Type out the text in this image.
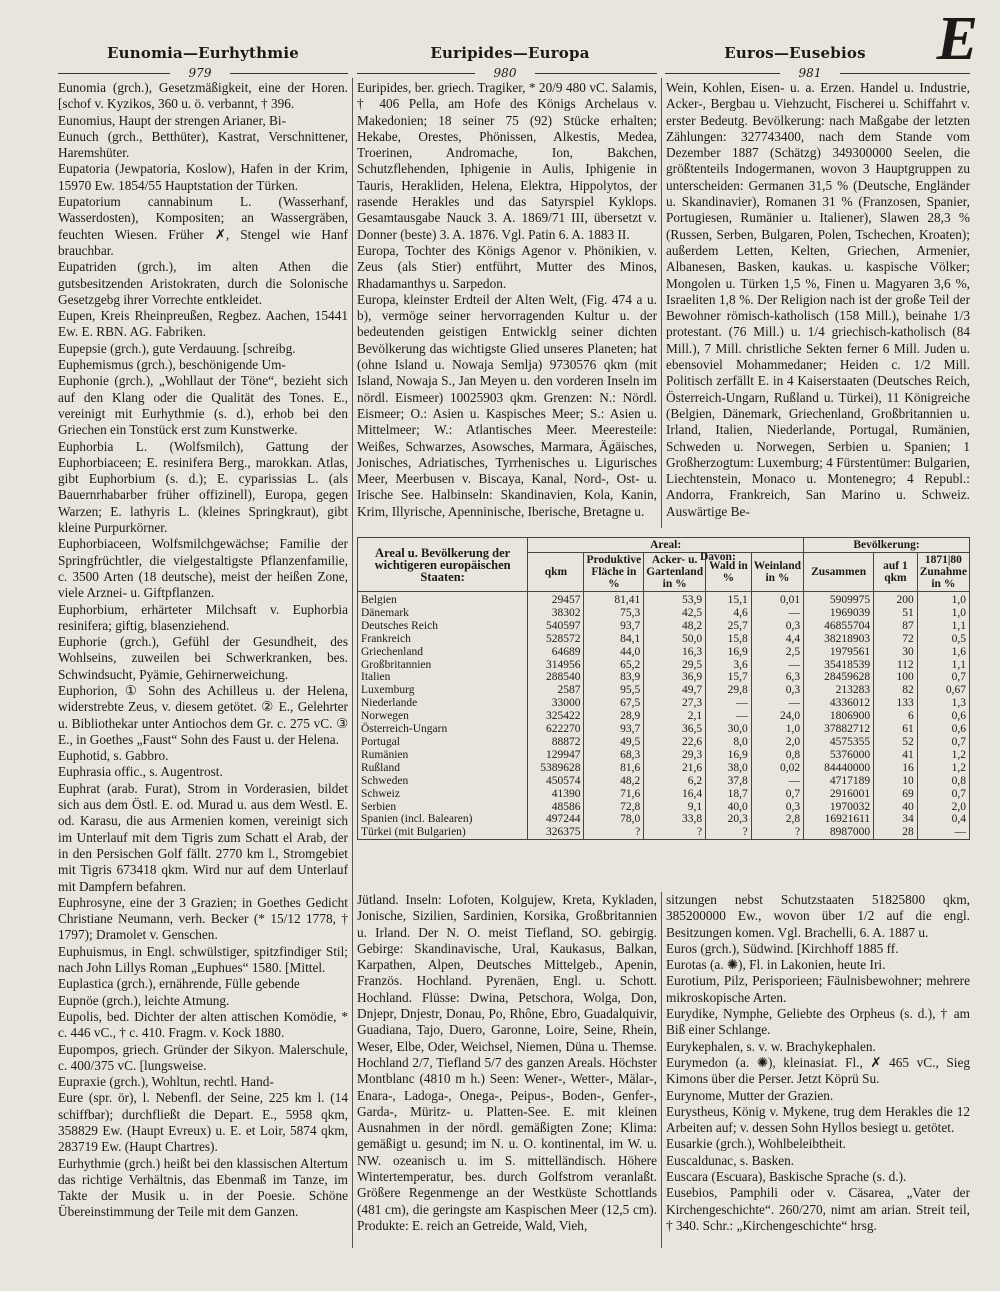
E
Eunomia—Eurhythmie	Euripides—Europa	Euros—Eusebios
979	980	981

Eunomia (grch.), Gesetzmäßigkeit, eine der Horen. [schof v. Kyzikos, 360 u. ö. verbannt, † 396.

Eunomius, Haupt der strengen Arianer, Bi-

Eunuch (grch., Betthüter), Kastrat, Verschnittener, Haremshüter.

Eupatoria (Jewpatoria, Koslow), Hafen in der Krim, 15970 Ew. 1854/55 Hauptstation der Türken.

Eupatorium cannabinum L. (Wasserhanf, Wasserdosten), Kompositen; an Wassergräben, feuchten Wiesen. Früher ✗, Stengel wie Hanf brauchbar.

Eupatriden (grch.), im alten Athen die gutsbesitzenden Aristokraten, durch die Solonische Gesetzgebg ihrer Vorrechte entkleidet.

Eupen, Kreis Rheinpreußen, Regbez. Aachen, 15441 Ew. E. RBN. AG. Fabriken.

Eupepsie (grch.), gute Verdauung. [schreibg.

Euphemismus (grch.), beschönigende Um-

Euphonie (grch.), „Wohllaut der Töne“, bezieht sich auf den Klang oder die Qualität des Tones. E., vereinigt mit Eurhythmie (s. d.), erhob bei den Griechen ein Tonstück erst zum Kunstwerke.

Euphorbia L. (Wolfsmilch), Gattung der Euphorbiaceen; E. resinifera Berg., marokkan. Atlas, gibt Euphorbium (s. d.); E. cyparissias L. (als Bauernrhabarber früher offizinell), Europa, gegen Warzen; E. lathyris L. (kleines Springkraut), gibt kleine Purpurkörner.

Euphorbiaceen, Wolfsmilchgewächse; Familie der Springfrüchtler, die vielgestaltigste Pflanzenfamilie, c. 3500 Arten (18 deutsche), meist der heißen Zone, viele Arznei- u. Giftpflanzen.

Euphorbium, erhärteter Milchsaft v. Euphorbia resinifera; giftig, blasenziehend.

Euphorie (grch.), Gefühl der Gesundheit, des Wohlseins, zuweilen bei Schwerkranken, bes. Schwindsucht, Pyämie, Gehirnerweichung.

Euphorion, ① Sohn des Achilleus u. der Helena, widerstrebte Zeus, v. diesem getötet. ② E., Gelehrter u. Bibliothekar unter Antiochos dem Gr. c. 275 vC. ③ E., in Goethes „Faust“ Sohn des Faust u. der Helena.

Euphotid, s. Gabbro.

Euphrasia offic., s. Augentrost.

Euphrat (arab. Furat), Strom in Vorderasien, bildet sich aus dem Östl. E. od. Murad u. aus dem Westl. E. od. Karasu, die aus Armenien komen, vereinigt sich im Unterlauf mit dem Tigris zum Schatt el Arab, der in den Persischen Golf fällt. 2770 km l., Stromgebiet mit Tigris 673418 qkm. Wird nur auf dem Unterlauf mit Dampfern befahren.

Euphrosyne, eine der 3 Grazien; in Goethes Gedicht Christiane Neumann, verh. Becker (* 15/12 1778, † 1797); Dramolet v. Genschen.

Euphuismus, in Engl. schwülstiger, spitzfindiger Stil; nach John Lillys Roman „Euphues“ 1580. [Mittel.

Euplastica (grch.), ernährende, Fülle gebende

Eupnöe (grch.), leichte Atmung.

Eupolis, bed. Dichter der alten attischen Komödie, * c. 446 vC., † c. 410. Fragm. v. Kock 1880.

Eupompos, griech. Gründer der Sikyon. Malerschule, c. 400/375 vC. [lungsweise.

Eupraxie (grch.), Wohltun, rechtl. Hand-

Eure (spr. ör), l. Nebenfl. der Seine, 225 km l. (14 schiffbar); durchfließt die Depart. E., 5958 qkm, 358829 Ew. (Haupt Evreux) u. E. et Loir, 5874 qkm, 283719 Ew. (Haupt Chartres).

Eurhythmie (grch.) heißt bei den klassischen Altertum das richtige Verhältnis, das Ebenmaß im Tanze, im Takte der Musik u. in der Poesie. Schöne Übereinstimmung der Teile mit dem Ganzen.

Euripides, ber. griech. Tragiker, * 20/9 480 vC. Salamis, † 406 Pella, am Hofe des Königs Archelaus v. Makedonien; 18 seiner 75 (92) Stücke erhalten; Hekabe, Orestes, Phönissen, Alkestis, Medea, Troerinen, Andromache, Ion, Bakchen, Schutzflehenden, Iphigenie in Aulis, Iphigenie in Tauris, Herakliden, Helena, Elektra, Hippolytos, der rasende Herakles und das Satyrspiel Kyklops. Gesamtausgabe Nauck 3. A. 1869/71 III, übersetzt v. Donner (beste) 3. A. 1876. Vgl. Patin 6. A. 1883 II.

Europa, Tochter des Königs Agenor v. Phönikien, v. Zeus (als Stier) entführt, Mutter des Minos, Rhadamanthys u. Sarpedon.

Europa, kleinster Erdteil der Alten Welt, (Fig. 474 a u. b), vermöge seiner hervorragenden Kultur u. der bedeutenden geistigen Entwicklg seiner dichten Bevölkerung das wichtigste Glied unseres Planeten; hat (ohne Island u. Nowaja Semlja) 9730576 qkm (mit Island, Nowaja S., Jan Meyen u. den vorderen Inseln im nördl. Eismeer) 10025903 qkm. Grenzen: N.: Nördl. Eismeer; O.: Asien u. Kaspisches Meer; S.: Asien u. Mittelmeer; W.: Atlantisches Meer. Meeresteile: Weißes, Schwarzes, Asowsches, Marmara, Ägäisches, Jonisches, Adriatisches, Tyrrhenisches u. Ligurisches Meer, Meerbusen v. Biscaya, Kanal, Nord-, Ost- u. Irische See. Halbinseln: Skandinavien, Kola, Kanin, Krim, Illyrische, Apenninische, Iberische, Bretagne u.

Wein, Kohlen, Eisen- u. a. Erzen. Handel u. Industrie, Acker-, Bergbau u. Viehzucht, Fischerei u. Schiffahrt v. erster Bedeutg. Bevölkerung: nach Maßgabe der letzten Zählungen: 327743400, nach dem Stande vom Dezember 1887 (Schätzg) 349300000 Seelen, die größtenteils Indogermanen, wovon 3 Hauptgruppen zu unterscheiden: Germanen 31,5 % (Deutsche, Engländer u. Skandinavier), Romanen 31 % (Franzosen, Spanier, Portugiesen, Rumänier u. Italiener), Slawen 28,3 % (Russen, Serben, Bulgaren, Polen, Tschechen, Kroaten); außerdem Letten, Kelten, Griechen, Armenier, Albanesen, Basken, kaukas. u. kaspische Völker; Mongolen u. Türken 1,5 %, Finen u. Magyaren 3,6 %, Israeliten 1,8 %. Der Religion nach ist der große Teil der Bewohner römisch-katholisch (158 Mill.), beinahe 1/3 protestant. (76 Mill.) u. 1/4 griechisch-katholisch (84 Mill.), 7 Mill. christliche Sekten ferner 6 Mill. Juden u. ebensoviel Mohammedaner; Heiden c. 1/2 Mill. Politisch zerfällt E. in 4 Kaiserstaaten (Deutsches Reich, Österreich-Ungarn, Rußland u. Türkei), 11 Königreiche (Belgien, Dänemark, Griechenland, Großbritannien u. Irland, Italien, Niederlande, Portugal, Rumänien, Schweden u. Norwegen, Serbien u. Spanien; 1 Großherzogtum: Luxemburg; 4 Fürstentümer: Bulgarien, Liechtenstein, Monaco u. Montenegro; 4 Republ.: Andorra, Frankreich, San Marino u. Schweiz. Auswärtige Be-

Areal u. Bevölkerung der wichtigeren europäischen Staaten:	Areal:					Bevölkerung:		
	qkm	Produktive Fläche in %	Acker- u. Gartenland in %	Wald in %	Weinland in %	Zusammen	auf 1 qkm	1871|80 Zunahme in %
Belgien	29457	81,41	53,9	15,1	0,01	5909975	200	1,0
Dänemark	38302	75,3	42,5	4,6	—	1969039	51	1,0
Deutsches Reich	540597	93,7	48,2	25,7	0,3	46855704	87	1,1
Frankreich	528572	84,1	50,0	15,8	4,4	38218903	72	0,5
Griechenland	64689	44,0	16,3	16,9	2,5	1979561	30	1,6
Großbritannien	314956	65,2	29,5	3,6	—	35418539	112	1,1
Italien	288540	83,9	36,9	15,7	6,3	28459628	100	0,7
Luxemburg	2587	95,5	49,7	29,8	0,3	213283	82	0,67
Niederlande	33000	67,5	27,3	—	—	4336012	133	1,3
Norwegen	325422	28,9	2,1	—	24,0	1806900	6	0,6
Österreich-Ungarn	622270	93,7	36,5	30,0	1,0	37882712	61	0,6
Portugal	88872	49,5	22,6	8,0	2,0	4575355	52	0,7
Rumänien	129947	68,3	29,3	16,9	0,8	5376000	41	1,2
Rußland	5389628	81,6	21,6	38,0	0,02	84440000	16	1,2
Schweden	450574	48,2	6,2	37,8	—	4717189	10	0,8
Schweiz	41390	71,6	16,4	18,7	0,7	2916001	69	0,7
Serbien	48586	72,8	9,1	40,0	0,3	1970032	40	2,0
Spanien (incl. Balearen)	497244	78,0	33,8	20,3	2,8	16921611	34	0,4
Türkei (mit Bulgarien)	326375	?	?	?	?	8987000	28	—
Davon:

Jütland. Inseln: Lofoten, Kolgujew, Kreta, Kykladen, Jonische, Sizilien, Sardinien, Korsika, Großbritannien u. Irland. Der N. O. meist Tiefland, SO. gebirgig. Gebirge: Skandinavische, Ural, Kaukasus, Balkan, Karpathen, Alpen, Deutsches Mittelgeb., Apenin, Französ. Hochland. Pyrenäen, Engl. u. Schott. Hochland. Flüsse: Dwina, Petschora, Wolga, Don, Dnjepr, Dnjestr, Donau, Po, Rhône, Ebro, Guadalquivir, Guadiana, Tajo, Duero, Garonne, Loire, Seine, Rhein, Weser, Elbe, Oder, Weichsel, Niemen, Düna u. Themse. Hochland 2/7, Tiefland 5/7 des ganzen Areals. Höchster Montblanc (4810 m h.) Seen: Wener-, Wetter-, Mälar-, Enara-, Ladoga-, Onega-, Peipus-, Boden-, Genfer-, Garda-, Müritz- u. Platten-See. E. mit kleinen Ausnahmen in der nördl. gemäßigten Zone; Klima: gemäßigt u. gesund; im N. u. O. kontinental, im W. u. NW. ozeanisch u. im S. mittelländisch. Höhere Wintertemperatur, bes. durch Golfstrom veranlaßt. Größere Regenmenge an der Westküste Schottlands (481 cm), die geringste am Kaspischen Meer (12,5 cm). Produkte: E. reich an Getreide, Wald, Vieh,

sitzungen nebst Schutzstaaten 51825800 qkm, 385200000 Ew., wovon über 1/2 auf die engl. Besitzungen komen. Vgl. Brachelli, 6. A. 1887 u.

Euros (grch.), Südwind. [Kirchhoff 1885 ff.

Eurotas (a. ✺), Fl. in Lakonien, heute Iri.

Eurotium, Pilz, Perisporieen; Fäulnisbewohner; mehrere mikroskopische Arten.

Eurydike, Nymphe, Geliebte des Orpheus (s. d.), † am Biß einer Schlange.

Eurykephalen, s. v. w. Brachykephalen.

Eurymedon (a. ✺), kleinasiat. Fl., ✗ 465 vC., Sieg Kimons über die Perser. Jetzt Köprü Su.

Eurynome, Mutter der Grazien.

Eurystheus, König v. Mykene, trug dem Herakles die 12 Arbeiten auf; v. dessen Sohn Hyllos besiegt u. getötet.

Eusarkie (grch.), Wohlbeleibtheit.

Euscaldunac, s. Basken.

Euscara (Escuara), Baskische Sprache (s. d.).

Eusebios, Pamphili oder v. Cäsarea, „Vater der Kirchengeschichte“. 260/270, nimt am arian. Streit teil, † 340. Schr.: „Kirchengeschichte“ hrsg.
